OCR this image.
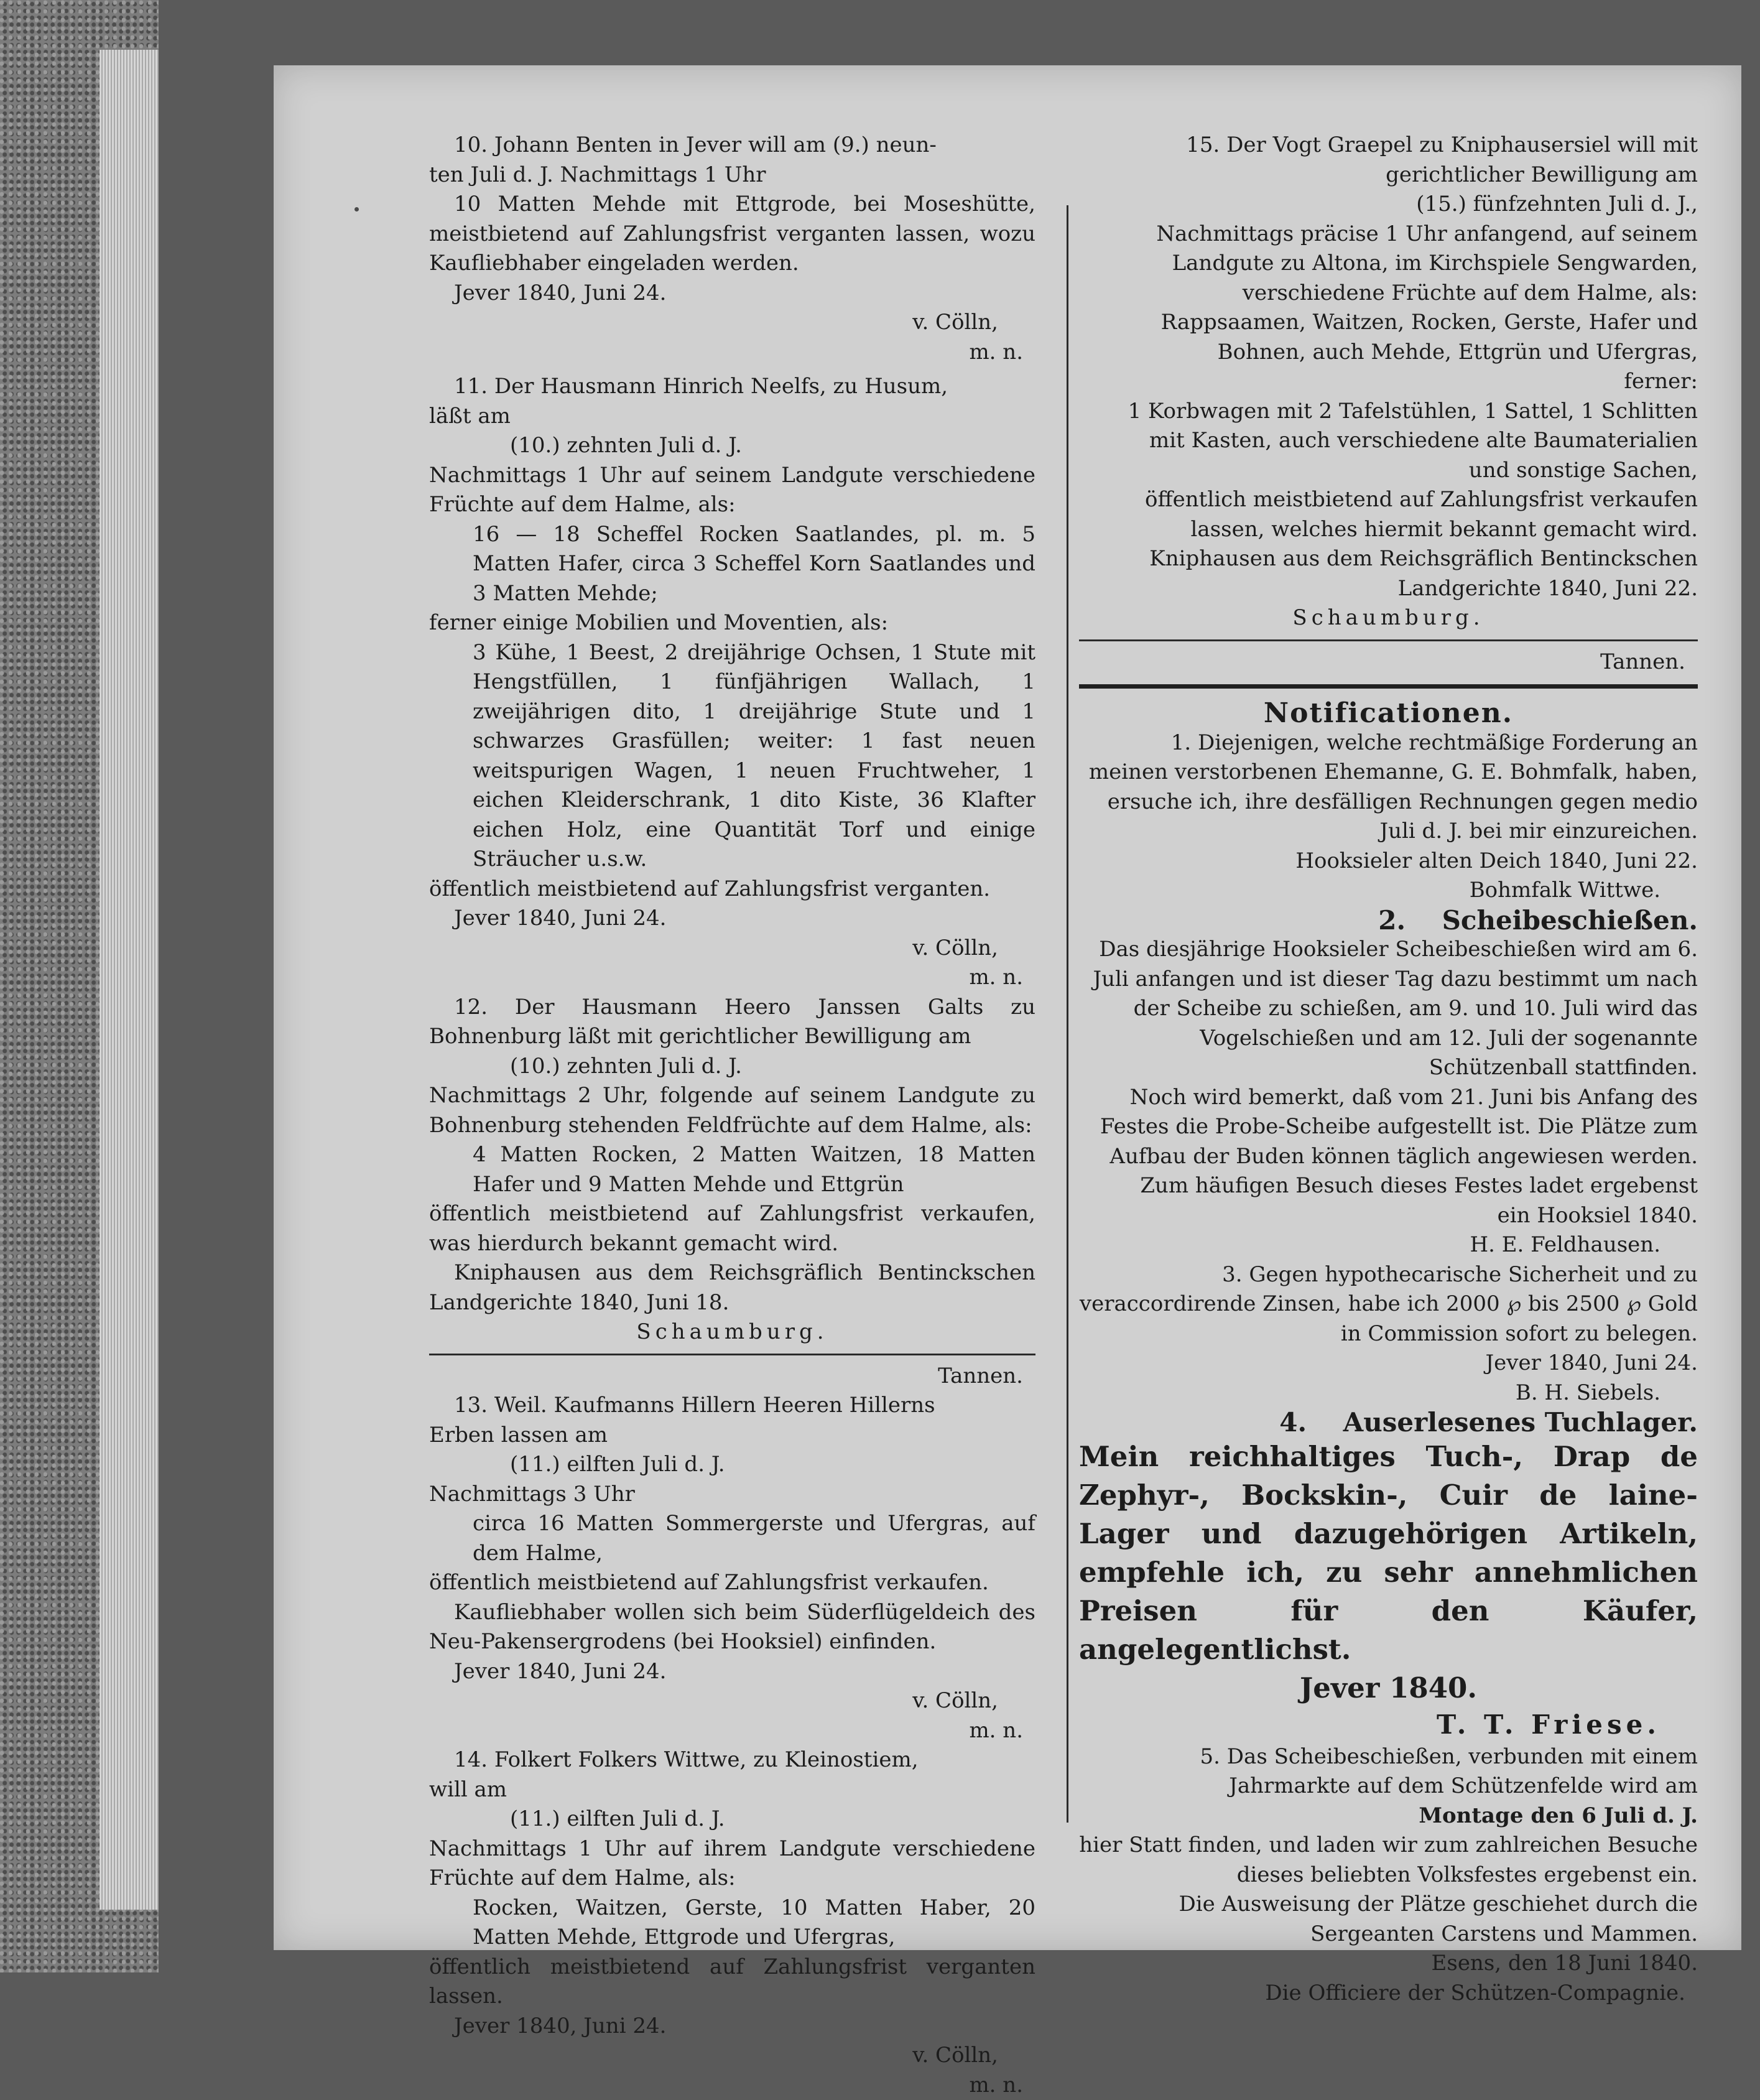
10. Johann Benten in Jever will am (9.) neun-

ten Juli d. J. Nachmittags 1 Uhr

10 Matten Mehde mit Ettgrode, bei Moseshütte, meistbietend auf Zahlungsfrist verganten lassen, wozu Kaufliebhaber eingeladen werden.

Jever 1840, Juni 24.

v. Cölln,

m. n.

11. Der Hausmann Hinrich Neelfs, zu Husum,

läßt am

(10.) zehnten Juli d. J.

Nachmittags 1 Uhr auf seinem Landgute verschiedene Früchte auf dem Halme, als:

16 — 18 Scheffel Rocken Saatlandes, pl. m. 5 Matten Hafer, circa 3 Scheffel Korn Saatlandes und 3 Matten Mehde;

ferner einige Mobilien und Moventien, als:

3 Kühe, 1 Beest, 2 dreijährige Ochsen, 1 Stute mit Hengstfüllen, 1 fünfjährigen Wallach, 1 zweijährigen dito, 1 dreijährige Stute und 1 schwarzes Grasfüllen; weiter: 1 fast neuen weitspurigen Wagen, 1 neuen Fruchtweher, 1 eichen Kleiderschrank, 1 dito Kiste, 36 Klafter eichen Holz, eine Quantität Torf und einige Sträucher u.s.w.

öffentlich meistbietend auf Zahlungsfrist verganten.

Jever 1840, Juni 24.

v. Cölln,

m. n.

12. Der Hausmann Heero Janssen Galts zu Bohnenburg läßt mit gerichtlicher Bewilligung am

(10.) zehnten Juli d. J.

Nachmittags 2 Uhr, folgende auf seinem Landgute zu Bohnenburg stehenden Feldfrüchte auf dem Halme, als:

4 Matten Rocken, 2 Matten Waitzen, 18 Matten Hafer und 9 Matten Mehde und Ettgrün

öffentlich meistbietend auf Zahlungsfrist verkaufen, was hierdurch bekannt gemacht wird.

Kniphausen aus dem Reichsgräflich Bentinckschen Landgerichte 1840, Juni 18.

Schaumburg.

Tannen.

13. Weil. Kaufmanns Hillern Heeren Hillerns

Erben lassen am

(11.) eilften Juli d. J.

Nachmittags 3 Uhr

circa 16 Matten Sommergerste und Ufergras, auf dem Halme,

öffentlich meistbietend auf Zahlungsfrist verkaufen.

Kaufliebhaber wollen sich beim Süderflügeldeich des Neu-Pakensergrodens (bei Hooksiel) einfinden.

Jever 1840, Juni 24.

v. Cölln,

m. n.

14. Folkert Folkers Wittwe, zu Kleinostiem,

will am

(11.) eilften Juli d. J.

Nachmittags 1 Uhr auf ihrem Landgute verschiedene Früchte auf dem Halme, als:

Rocken, Waitzen, Gerste, 10 Matten Haber, 20 Matten Mehde, Ettgrode und Ufergras,

öffentlich meistbietend auf Zahlungsfrist verganten lassen.

Jever 1840, Juni 24.

v. Cölln,

m. n.

15. Der Vogt Graepel zu Kniphausersiel will mit gerichtlicher Bewilligung am

(15.) fünfzehnten Juli d. J.,

Nachmittags präcise 1 Uhr anfangend, auf seinem Landgute zu Altona, im Kirchspiele Sengwarden, verschiedene Früchte auf dem Halme, als:

Rappsaamen, Waitzen, Rocken, Gerste, Hafer und Bohnen, auch Mehde, Ettgrün und Ufergras,

ferner:

1 Korbwagen mit 2 Tafelstühlen, 1 Sattel, 1 Schlitten mit Kasten, auch verschiedene alte Baumaterialien und sonstige Sachen,

öffentlich meistbietend auf Zahlungsfrist verkaufen lassen, welches hiermit bekannt gemacht wird.

Kniphausen aus dem Reichsgräflich Bentinckschen Landgerichte 1840, Juni 22.

Schaumburg.

Tannen.

Notificationen.

1. Diejenigen, welche rechtmäßige Forderung an meinen verstorbenen Ehemanne, G. E. Bohmfalk, haben, ersuche ich, ihre desfälligen Rechnungen gegen medio Juli d. J. bei mir einzureichen.

Hooksieler alten Deich 1840, Juni 22.

Bohmfalk Wittwe.

2.    Scheibeschießen.

Das diesjährige Hooksieler Scheibeschießen wird am 6. Juli anfangen und ist dieser Tag dazu bestimmt um nach der Scheibe zu schießen, am 9. und 10. Juli wird das Vogelschießen und am 12. Juli der sogenannte Schützenball stattfinden.

Noch wird bemerkt, daß vom 21. Juni bis Anfang des Festes die Probe-Scheibe aufgestellt ist. Die Plätze zum Aufbau der Buden können täglich angewiesen werden.

Zum häufigen Besuch dieses Festes ladet ergebenst ein Hooksiel 1840.

H. E. Feldhausen.

3. Gegen hypothecarische Sicherheit und zu veraccordirende Zinsen, habe ich 2000 ℘ bis 2500 ℘ Gold in Commission sofort zu belegen.

Jever 1840, Juni 24.

B. H. Siebels.

4.    Auserlesenes Tuchlager.

Mein reichhaltiges Tuch-, Drap de Zephyr-, Bockskin-, Cuir de laine-Lager und dazugehörigen Artikeln, empfehle ich, zu sehr annehmlichen Preisen für den Käufer, angelegentlichst.

Jever 1840.

T. T. Friese.

5. Das Scheibeschießen, verbunden mit einem Jahrmarkte auf dem Schützenfelde wird am

Montage den 6 Juli d. J.

hier Statt finden, und laden wir zum zahlreichen Besuche dieses beliebten Volksfestes ergebenst ein.

Die Ausweisung der Plätze geschiehet durch die Sergeanten Carstens und Mammen.

Esens, den 18 Juni 1840.

Die Officiere der Schützen-Compagnie.
